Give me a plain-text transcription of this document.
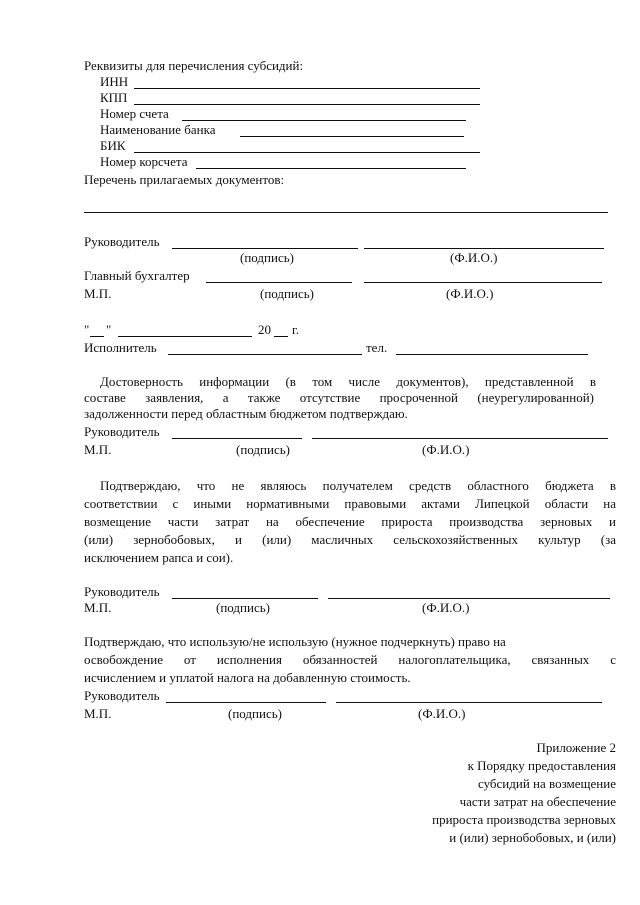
Реквизиты для перечисления субсидий:
ИНН
КПП
Номер счета
Наименование банка
БИК
Номер корсчета
Перечень прилагаемых документов:
Руководитель
(подпись)	(Ф.И.О.)
Главный бухгалтер
М.П.	(подпись)	(Ф.И.О.)
" "	20 г.
Исполнитель	тел.
Достоверность информации (в том числе документов), представленной в
составе заявления, а также отсутствие просроченной (неурегулированной)
задолженности перед областным бюджетом подтверждаю.
Руководитель
М.П.	(подпись)	(Ф.И.О.)
Подтверждаю, что не являюсь получателем средств областного бюджета в
соответствии с иными нормативными правовыми актами Липецкой области на
возмещение части затрат на обеспечение прироста производства зерновых и
(или) зернобобовых, и (или) масличных сельскохозяйственных культур (за
исключением рапса и сои).
Руководитель
М.П.	(подпись)	(Ф.И.О.)
Подтверждаю, что использую/не использую (нужное подчеркнуть) право на
освобождение от исполнения обязанностей налогоплательщика, связанных с
исчислением и уплатой налога на добавленную стоимость.
Руководитель
М.П.	(подпись)	(Ф.И.О.)
Приложение 2
к Порядку предоставления
субсидий на возмещение
части затрат на обеспечение
прироста производства зерновых
и (или) зернобобовых, и (или)
